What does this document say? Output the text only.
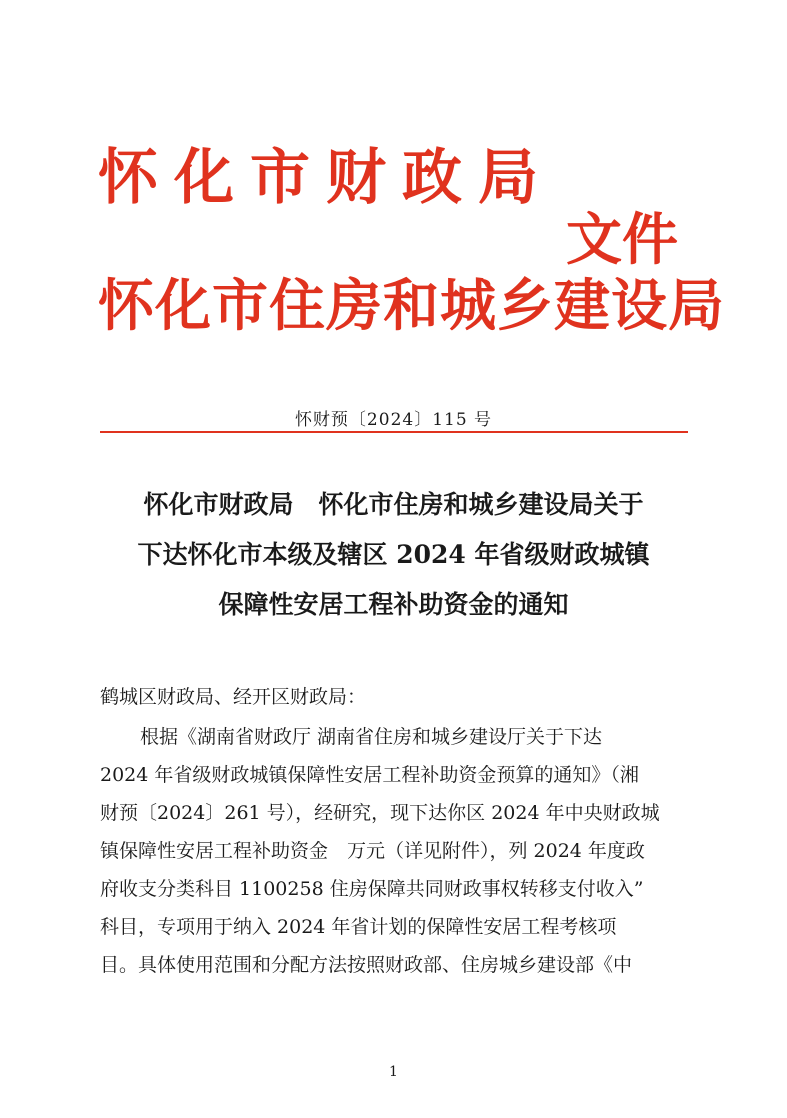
怀化市财政局
文件
怀化市住房和城乡建设局
怀财预〔2024〕115 号
怀化市财政局　怀化市住房和城乡建设局关于
下达怀化市本级及辖区 2024 年省级财政城镇
保障性安居工程补助资金的通知
鹤城区财政局、经开区财政局：
根据《湖南省财政厅 湖南省住房和城乡建设厅关于下达
2024 年省级财政城镇保障性安居工程补助资金预算的通知》（湘
财预〔2024〕261 号），经研究，现下达你区 2024 年中央财政城
镇保障性安居工程补助资金　万元（详见附件），列 2024 年度政
府收支分类科目 1100258 住房保障共同财政事权转移支付收入”
科目，专项用于纳入 2024 年省计划的保障性安居工程考核项
目。具体使用范围和分配方法按照财政部、住房城乡建设部《中
1
